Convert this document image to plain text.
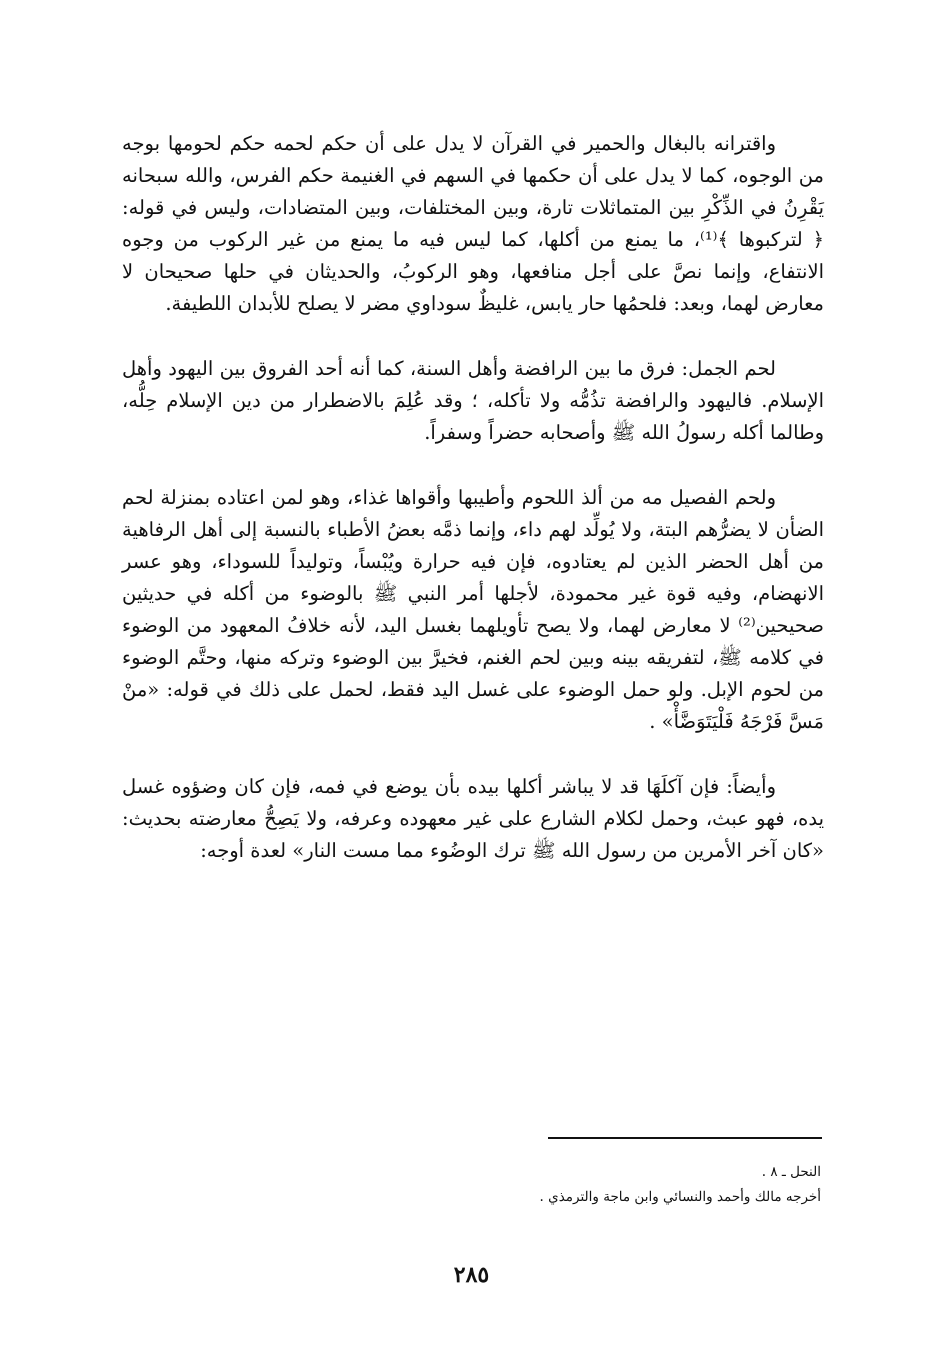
واقترانه بالبغال والحمير في القرآن لا يدل على أن حكم لحمه حكم لحومها بوجه من الوجوه، كما لا يدل على أن حكمها في السهم في الغنيمة حكم الفرس، والله سبحانه يَقْرِنُ في الذِّكْرِ بين المتماثلات تارة، وبين المختلفات، وبين المتضادات، وليس في قوله: ﴿ لتركبوها ﴾⁽¹⁾، ما يمنع من أكلها، كما ليس فيه ما يمنع من غير الركوب من وجوه الانتفاع، وإنما نصَّ على أجل منافعها، وهو الركوبُ، والحديثان في حلها صحيحان لا معارض لهما، وبعد: فلحمُها حار يابس، غليظٌ سوداوي مضر لا يصلح للأبدان اللطيفة.

لحم الجمل: فرق ما بين الرافضة وأهل السنة، كما أنه أحد الفروق بين اليهود وأهل الإسلام. فاليهود والرافضة تذُمُّه ولا تأكله، ؛ وقد عُلِمَ بالاضطرار من دين الإسلام حِلُّه، وطالما أكله رسولُ الله ﷺ وأصحابه حضراً وسفراً.

ولحم الفصيل مه من ألذ اللحوم وأطيبها وأقواها غذاء، وهو لمن اعتاده بمنزلة لحم الضأن لا يضرُّهم البتة، ولا يُولِّد لهم داء، وإنما ذمَّه بعضُ الأطباء بالنسبة إلى أهل الرفاهية من أهل الحضر الذين لم يعتادوه، فإن فيه حرارة ويُبْساً، وتوليداً للسوداء، وهو عسر الانهضام، وفيه قوة غير محمودة، لأجلها أمر النبي ﷺ بالوضوء من أكله في حديثين صحيحين⁽²⁾ لا معارض لهما، ولا يصح تأويلهما بغسل اليد، لأنه خلافُ المعهود من الوضوء في كلامه ﷺ، لتفريقه بينه وبين لحم الغنم، فخيرَّ بين الوضوء وتركه منها، وحتَّم الوضوء من لحوم الإبل. ولو حمل الوضوء على غسل اليد فقط، لحمل على ذلك في قوله: «منْ مَسَّ فَرْجَهُ فَلْيَتَوَضَّأْ» .

وأيضاً: فإن آكلَهَا قد لا يباشر أكلها بيده بأن يوضع في فمه، فإن كان وضؤوه غسل يده، فهو عبث، وحمل لكلام الشارع على غير معهوده وعرفه، ولا يَصِحُّ معارضته بحديث: «كان آخر الأمرين من رسول الله ﷺ ترك الوضُوء مما مست النار» لعدة أوجه:

النحل ـ ٨ .
أخرجه مالك وأحمد والنسائي وابن ماجة والترمذي .
٢٨٥
